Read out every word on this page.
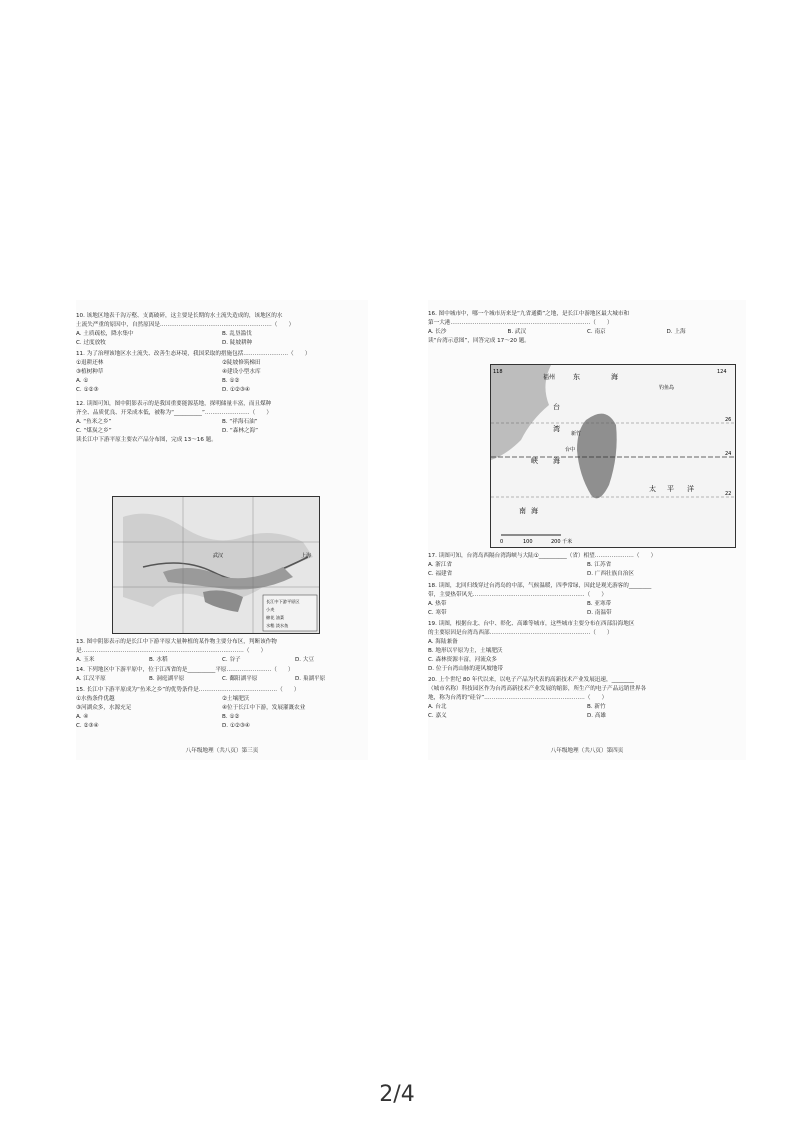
10. 该地区地表千沟万壑、支离破碎，这主要是长期的水土流失造成的，该地区的水
土流失严重的原因中，自然原因是……………………………………………………（　　）
A. 土质疏松，降水集中	B. 乱垦滥伐
C. 过度放牧	D. 陡坡耕种
11. 为了治理该地区水土流失、改善生态环境，我国采取的措施包括……………………（　　）
①退耕还林	②陡坡修筑梯田
③植树种草	④建设小型水库
A. ①	B. ①②
C. ①②③	D. ①②③④
12. 读图可知，图中阴影表示的是我国重要能源基地，探明储量丰富，而且煤种
齐全、品质优良、开采成本低，被称为“__________”……………………（　　）
A. “鱼米之乡”	B. “祥海石油”
C. “煤炭之乡”	D. “森林之海”
读长江中下游平原主要农产品分布图，完成 13～16 题。
武汉	上海
长江中下游平原区
小麦
棉花 油菜
水稻 淡水鱼
13. 图中阴影表示的是长江中下游平原大量种植的某作物主要分布区，判断该作物
是……………………………………………………………………………（　　）
A. 玉米	B. 水稻	C. 谷子	D. 大豆
14. 下列地区中下游平原中，位于江西省的是__________平原……………………（　　）
A. 江汉平原	B. 洞庭湖平原	C. 鄱阳湖平原	D. 巢湖平原
15. 长江中下游平原成为“鱼米之乡”的优势条件是……………………………………（　　）
①水热条件优越	②土壤肥沃
③河湖众多，水源充足	④位于长江中下游，发展灌溉农业
A. ④	B. ①②
C. ②③④	D. ①②③④
八年级地理（共八页）第三页
16. 图中城市中，哪一个城市历来是“九省通衢”之地，是长江中游地区最大城市和
第一大港…………………………………………………………………（　　）
A. 长沙	B. 武汉	C. 南京	D. 上海
读“台湾示意图”，回答完成 17～20 题。
118	124
26
24
22
福州	东	海
钓鱼岛
台
湾
海
峡
新竹
台中
太 平 洋
南 海
0	100	200 千米
17. 读图可知，台湾岛西隔台湾海峡与大陆①__________（省）相望…………………（　　）
A. 浙江省	B. 江苏省
C. 福建省	D. 广西壮族自治区
18. 读图，北回归线穿过台湾岛的中部，气候温暖，四季常绿，因此是观光游客的________
带，主要热带风光……………………………………………………（　　）
A. 热带	B. 亚寒带
C. 寒带	D. 南温带
19. 读图，根据台北、台中、彰化、高雄等城市，这些城市主要分布在西部沿海地区
的主要原因是台湾岛西部………………………………………………（　　）
A. 海陆兼备
B. 地形以平原为主，土壤肥沃
C. 森林资源丰富，河流众多
D. 位于台湾山脉的迎风坡地带
20. 上个世纪 80 年代以来，以电子产品为代表的高新技术产业发展迅速，________
（城市名称）科技园区作为台湾高新技术产业发展的缩影，所生产的电子产品远销世界各
地，称为台湾的“硅谷”………………………………………………（　　）
A. 台北	B. 新竹
C. 嘉义	D. 高雄
八年级地理（共八页）第四页
2/4
